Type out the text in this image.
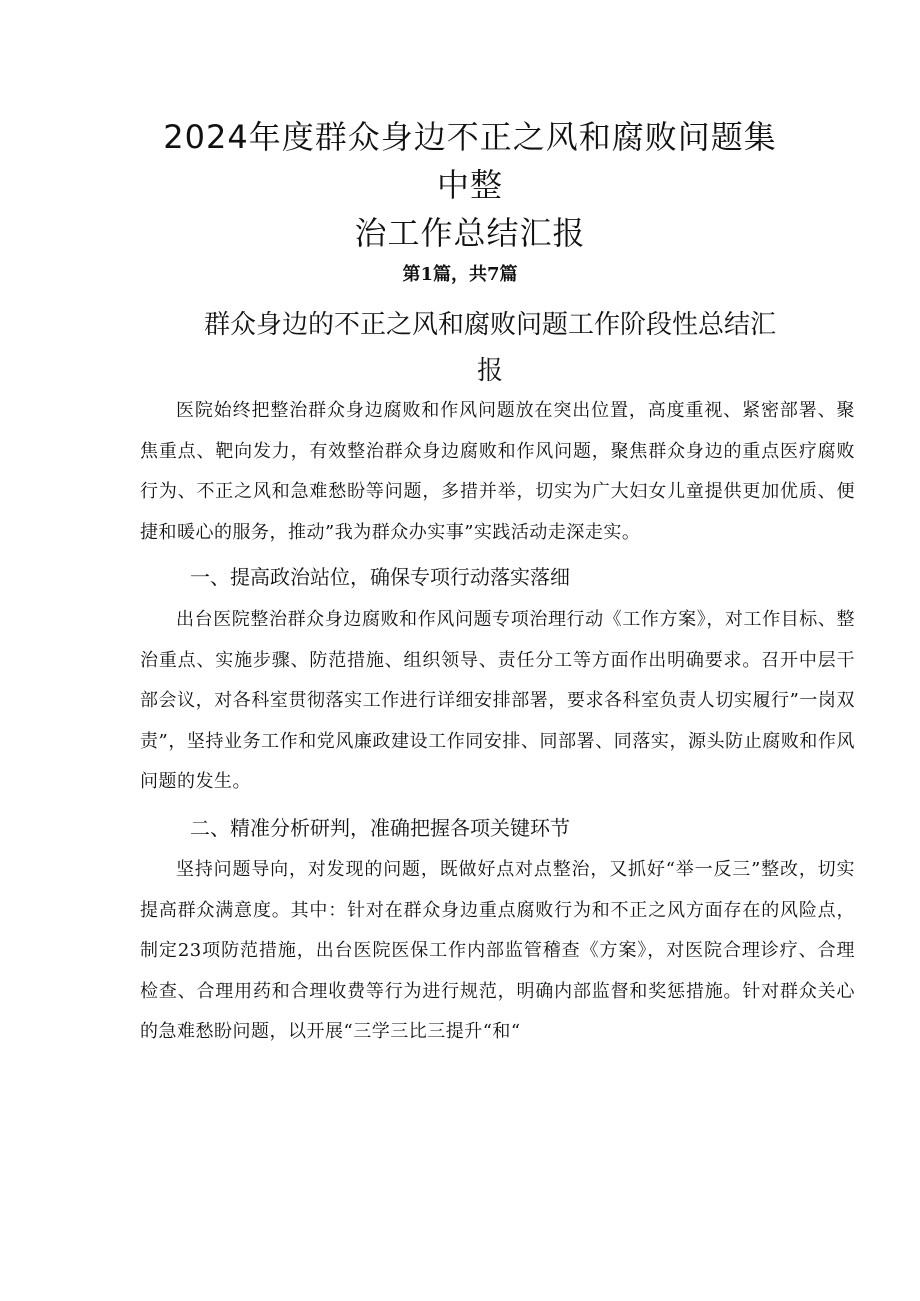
2024年度群众身边不正之风和腐败问题集中整
治工作总结汇报
第1篇，共7篇
群众身边的不正之风和腐败问题工作阶段性总结汇
报

医院始终把整治群众身边腐败和作风问题放在突出位置，高度重视、紧密部署、聚焦重点、靶向发力，有效整治群众身边腐败和作风问题，聚焦群众身边的重点医疗腐败行为、不正之风和急难愁盼等问题，多措并举，切实为广大妇女儿童提供更加优质、便捷和暖心的服务，推动”我为群众办实事”实践活动走深走实。

一、提高政治站位，确保专项行动落实落细

出台医院整治群众身边腐败和作风问题专项治理行动《工作方案》，对工作目标、整治重点、实施步骤、防范措施、组织领导、责任分工等方面作出明确要求。召开中层干部会议，对各科室贯彻落实工作进行详细安排部署，要求各科室负责人切实履行”一岗双责”，坚持业务工作和党风廉政建设工作同安排、同部署、同落实，源头防止腐败和作风问题的发生。

二、精准分析研判，准确把握各项关键环节

坚持问题导向，对发现的问题，既做好点对点整治，又抓好“举一反三”整改，切实提高群众满意度。其中：针对在群众身边重点腐败行为和不正之风方面存在的风险点，制定23项防范措施，出台医院医保工作内部监管稽查《方案》，对医院合理诊疗、合理检查、合理用药和合理收费等行为进行规范，明确内部监督和奖惩措施。针对群众关心的急难愁盼问题，以开展“三学三比三提升“和“
